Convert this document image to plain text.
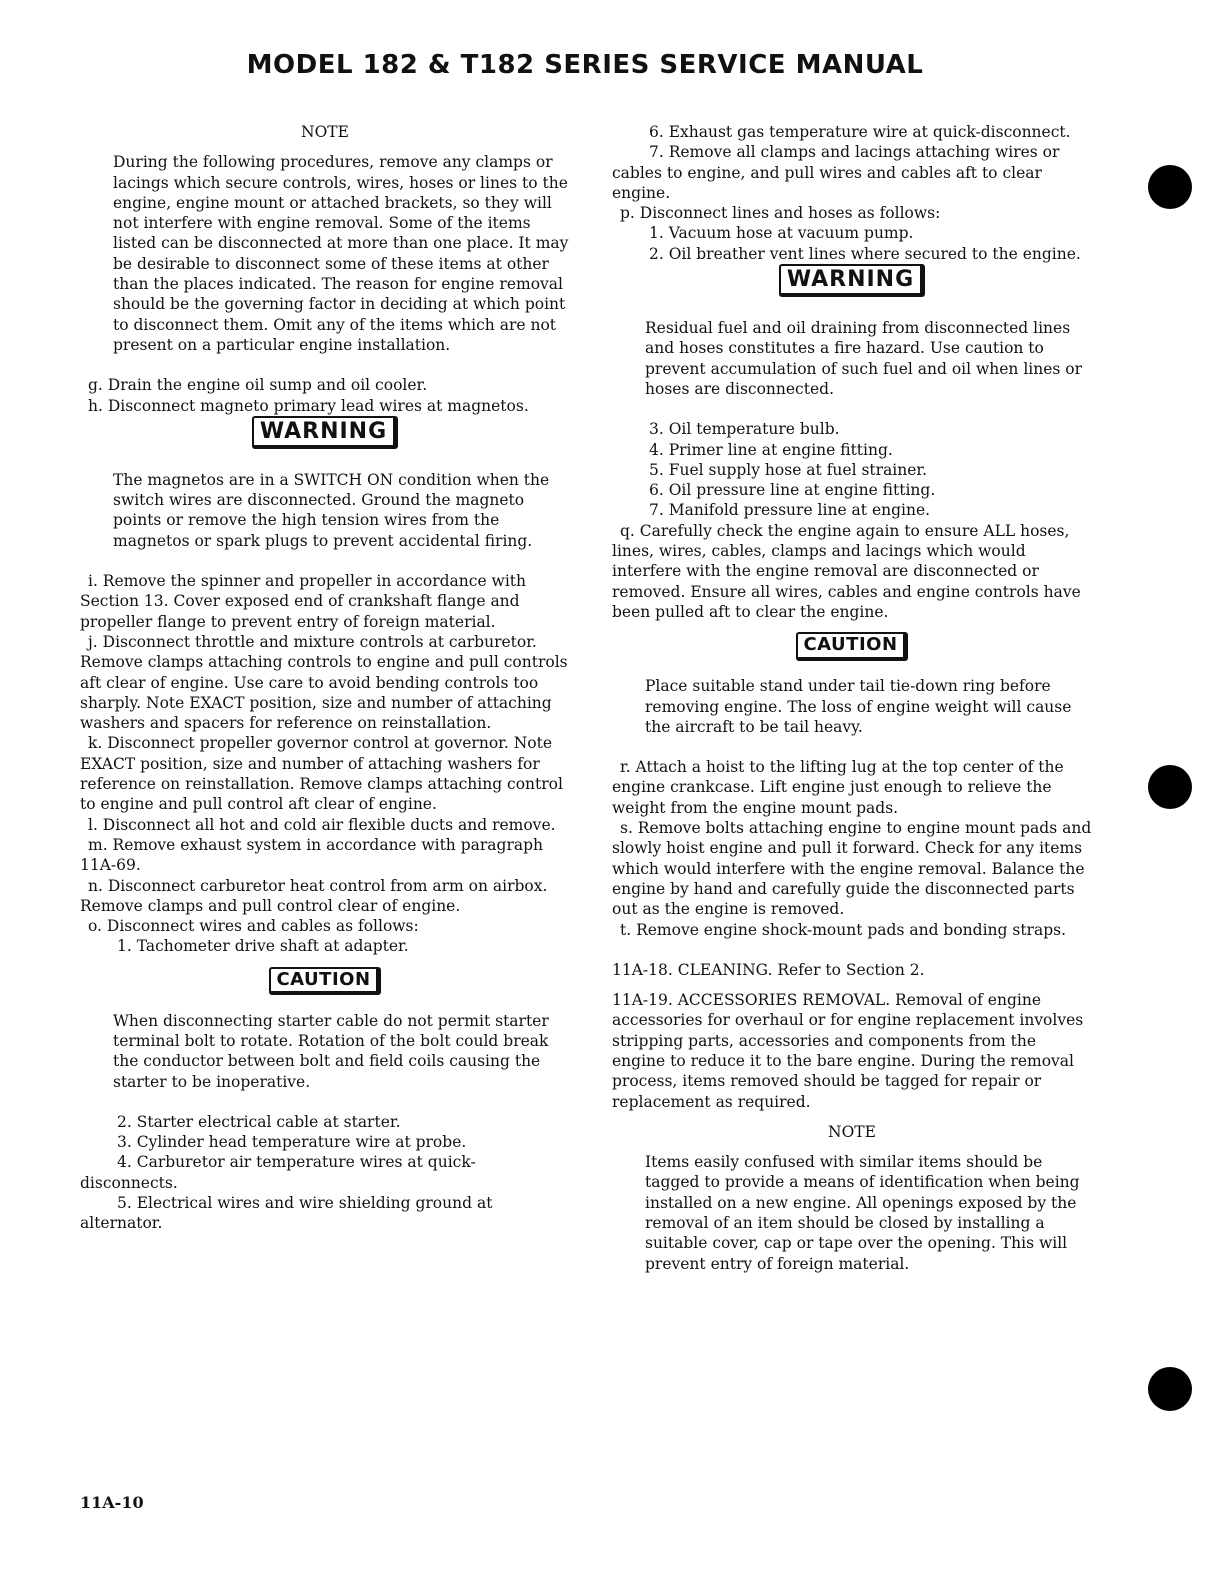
MODEL 182 & T182 SERIES SERVICE MANUAL

NOTE

During the following procedures, remove any clamps or lacings which secure controls, wires, hoses or lines to the engine, engine mount or attached brackets, so they will not interfere with engine removal. Some of the items listed can be disconnected at more than one place. It may be desirable to disconnect some of these items at other than the places indicated. The reason for engine removal should be the governing factor in deciding at which point to disconnect them. Omit any of the items which are not present on a particular engine installation.

g. Drain the engine oil sump and oil cooler.

h. Disconnect magneto primary lead wires at magnetos.

WARNING

The magnetos are in a SWITCH ON condition when the switch wires are disconnected. Ground the magneto points or remove the high tension wires from the magnetos or spark plugs to prevent accidental firing.

i. Remove the spinner and propeller in accordance with Section 13. Cover exposed end of crankshaft flange and propeller flange to prevent entry of foreign material.

j. Disconnect throttle and mixture controls at carburetor. Remove clamps attaching controls to engine and pull controls aft clear of engine. Use care to avoid bending controls too sharply. Note EXACT position, size and number of attaching washers and spacers for reference on reinstallation.

k. Disconnect propeller governor control at governor. Note EXACT position, size and number of attaching washers for reference on reinstallation. Remove clamps attaching control to engine and pull control aft clear of engine.

l. Disconnect all hot and cold air flexible ducts and remove.

m. Remove exhaust system in accordance with paragraph 11A-69.

n. Disconnect carburetor heat control from arm on airbox. Remove clamps and pull control clear of engine.

o. Disconnect wires and cables as follows:

1. Tachometer drive shaft at adapter.

CAUTION

When disconnecting starter cable do not permit starter terminal bolt to rotate. Rotation of the bolt could break the conductor between bolt and field coils causing the starter to be inoperative.

2. Starter electrical cable at starter.

3. Cylinder head temperature wire at probe.

4. Carburetor air temperature wires at quick-disconnects.

5. Electrical wires and wire shielding ground at alternator.

6. Exhaust gas temperature wire at quick-disconnect.

7. Remove all clamps and lacings attaching wires or cables to engine, and pull wires and cables aft to clear engine.

p. Disconnect lines and hoses as follows:

1. Vacuum hose at vacuum pump.

2. Oil breather vent lines where secured to the engine.

WARNING

Residual fuel and oil draining from disconnected lines and hoses constitutes a fire hazard. Use caution to prevent accumulation of such fuel and oil when lines or hoses are disconnected.

3. Oil temperature bulb.

4. Primer line at engine fitting.

5. Fuel supply hose at fuel strainer.

6. Oil pressure line at engine fitting.

7. Manifold pressure line at engine.

q. Carefully check the engine again to ensure ALL hoses, lines, wires, cables, clamps and lacings which would interfere with the engine removal are disconnected or removed. Ensure all wires, cables and engine controls have been pulled aft to clear the engine.

CAUTION

Place suitable stand under tail tie-down ring before removing engine. The loss of engine weight will cause the aircraft to be tail heavy.

r. Attach a hoist to the lifting lug at the top center of the engine crankcase. Lift engine just enough to relieve the weight from the engine mount pads.

s. Remove bolts attaching engine to engine mount pads and slowly hoist engine and pull it forward. Check for any items which would interfere with the engine removal. Balance the engine by hand and carefully guide the disconnected parts out as the engine is removed.

t. Remove engine shock-mount pads and bonding straps.

11A-18. CLEANING. Refer to Section 2.

11A-19. ACCESSORIES REMOVAL. Removal of engine accessories for overhaul or for engine replacement involves stripping parts, accessories and components from the engine to reduce it to the bare engine. During the removal process, items removed should be tagged for repair or replacement as required.

NOTE

Items easily confused with similar items should be tagged to provide a means of identification when being installed on a new engine. All openings exposed by the removal of an item should be closed by installing a suitable cover, cap or tape over the opening. This will prevent entry of foreign material.

11A-10
